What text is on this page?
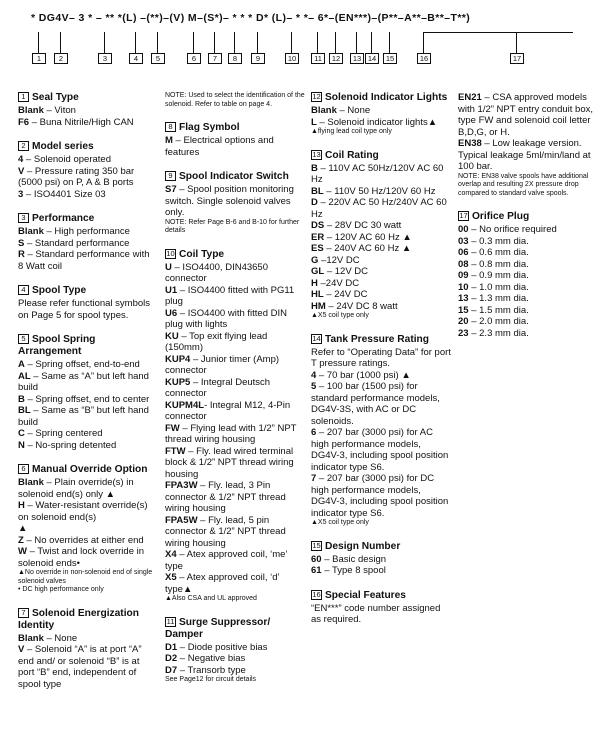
* DG4V– 3 * – ** *(L) –(**)–(V) M–(S*)– * * * D* (L)– * *– 6*–(EN***)–(P**–A**–B**–T**)
1	2	3	4	5	6	7	8	9	10	11	12	13 14	15	16	17
1 Seal Type
Blank – Viton
F6 – Buna Nitrile/High CAN
2 Model series
4 – Solenoid operated
V – Pressure rating 350 bar (5000 psi) on P, A & B ports
3 – ISO4401 Size 03
3 Performance
Blank – High performance
S – Standard performance
R – Standard performance with 8 Watt coil
4 Spool Type
Please refer functional symbols on Page 5 for spool types.
5 Spool Spring Arrangement
A – Spring offset, end-to-end
AL – Same as “A” but left hand build
B – Spring offset, end to center
BL – Same as “B” but left hand build
C – Spring centered
N – No-spring detented
6 Manual Override Option
Blank – Plain override(s) in solenoid end(s) only ▲
H – Water-resistant override(s) on solenoid end(s)
▲
Z – No overrides at either end
W – Twist and lock override in solenoid ends•
▲No override in non-solenoid end of single solenoid valves
• DC high performance only
7 Solenoid Energization Identity
Blank – None
V – Solenoid “A” is at port “A” end and/ or solenoid “B” is at port “B” end, independent of spool type
NOTE: Used to select the identification of the solenoid. Refer to table on page 4.
8 Flag Symbol
M – Electrical options and features
9 Spool Indicator Switch
S7 – Spool position monitoring switch. Single solenoid valves only.
NOTE: Refer Page B-6 and B-10 for further details
10 Coil Type
U – ISO4400, DIN43650 connector
U1 – ISO4400 fitted with PG11 plug
U6 – ISO4400 with fitted DIN plug with lights
KU – Top exit flying lead (150mm)
KUP4 – Junior timer (Amp) connector
KUP5 – Integral Deutsch connector
KUPM4L- Integral M12, 4-Pin connector
FW – Flying lead with 1/2” NPT thread wiring housing
FTW – Fly. lead wired terminal block & 1/2” NPT thread wiring housing
FPA3W – Fly. lead, 3 Pin connector & 1/2” NPT thread wiring housing
FPA5W – Fly. lead, 5 pin connector & 1/2” NPT thread wiring housing
X4 – Atex approved coil, ‘me’ type
X5 – Atex approved coil, ‘d’ type▲
▲Also CSA and UL approved
11 Surge Suppressor/ Damper
D1 – Diode positive bias
D2 – Negative bias
D7 – Transorb type
See Page12 for circuit details
12 Solenoid Indicator Lights
Blank – None
L – Solenoid indicator lights▲
▲flying lead coil type only
13 Coil Rating
B – 110V AC 50Hz/120V AC 60 Hz
BL – 110V 50 Hz/120V 60 Hz
D – 220V AC 50 Hz/240V AC 60 Hz
DS – 28V DC 30 watt
ER – 120V AC 60 Hz ▲
ES – 240V AC 60 Hz ▲
G –12V DC
GL – 12V DC
H –24V DC
HL – 24V DC
HM – 24V DC 8 watt
▲X5 coil type only
14 Tank Pressure Rating
Refer to “Operating Data” for port T pressure ratings.
4 – 70 bar (1000 psi) ▲
5 – 100 bar (1500 psi) for standard performance models, DG4V-3S, with AC or DC solenoids.
6 – 207 bar (3000 psi) for AC high performance models, DG4V-3, including spool position indicator type S6.
7 – 207 bar (3000 psi) for DC high performance models, DG4V-3, including spool position indicator type S6.
▲X5 coil type only
15 Design Number
60 – Basic design
61 – Type 8 spool
16 Special Features
“EN***” code number assigned as required.
EN21 – CSA approved models with 1/2” NPT entry conduit box, type FW and solenoid coil letter B,D,G, or H.
EN38 – Low leakage version. Typical leakage 5ml/min/land at 100 bar.
NOTE: EN38 valve spools have additional overlap and resulting 2X pressure drop compared to standard valve spools.
17 Orifice Plug
00 – No orifice required
03 – 0.3 mm dia.
06 – 0.6 mm dia.
08 – 0.8 mm dia.
09 – 0.9 mm dia.
10 – 1.0 mm dia.
13 – 1.3 mm dia.
15 – 1.5 mm dia.
20 – 2.0 mm dia.
23 – 2.3 mm dia.
